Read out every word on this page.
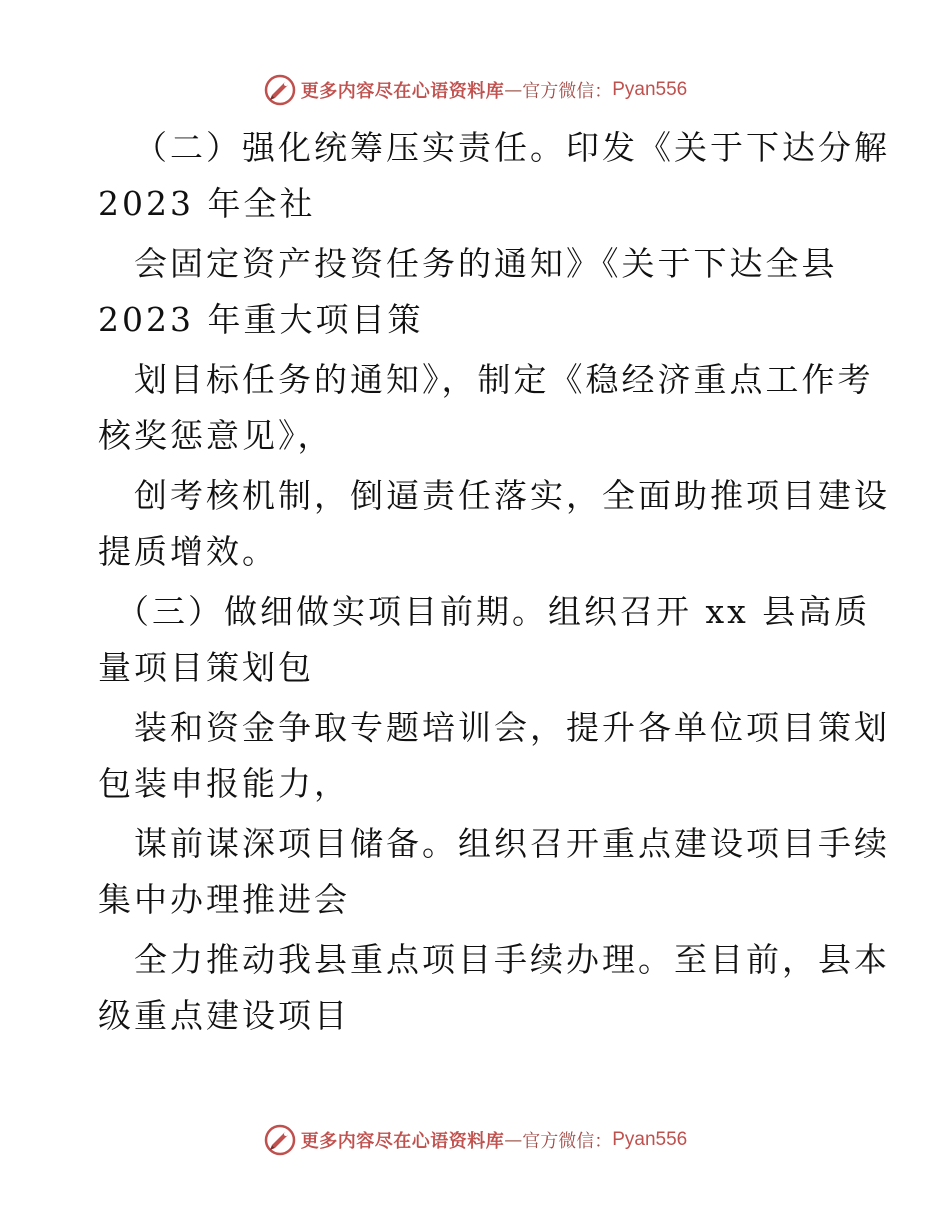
更多内容尽在心语资料库 — 官方微信： Pyan556
（二）强化统筹压实责任。印发《关于下达分解
2023 年全社
会固定资产投资任务的通知》《关于下达全县
2023 年重大项目策
划目标任务的通知》，制定《稳经济重点工作考
核奖惩意见》，
创考核机制，倒逼责任落实，全面助推项目建设
提质增效。
（三）做细做实项目前期。组织召开 xx 县高质
量项目策划包
装和资金争取专题培训会，提升各单位项目策划
包装申报能力，
谋前谋深项目储备。组织召开重点建设项目手续
集中办理推进会
全力推动我县重点项目手续办理。至目前，县本
级重点建设项目
更多内容尽在心语资料库 — 官方微信： Pyan556
